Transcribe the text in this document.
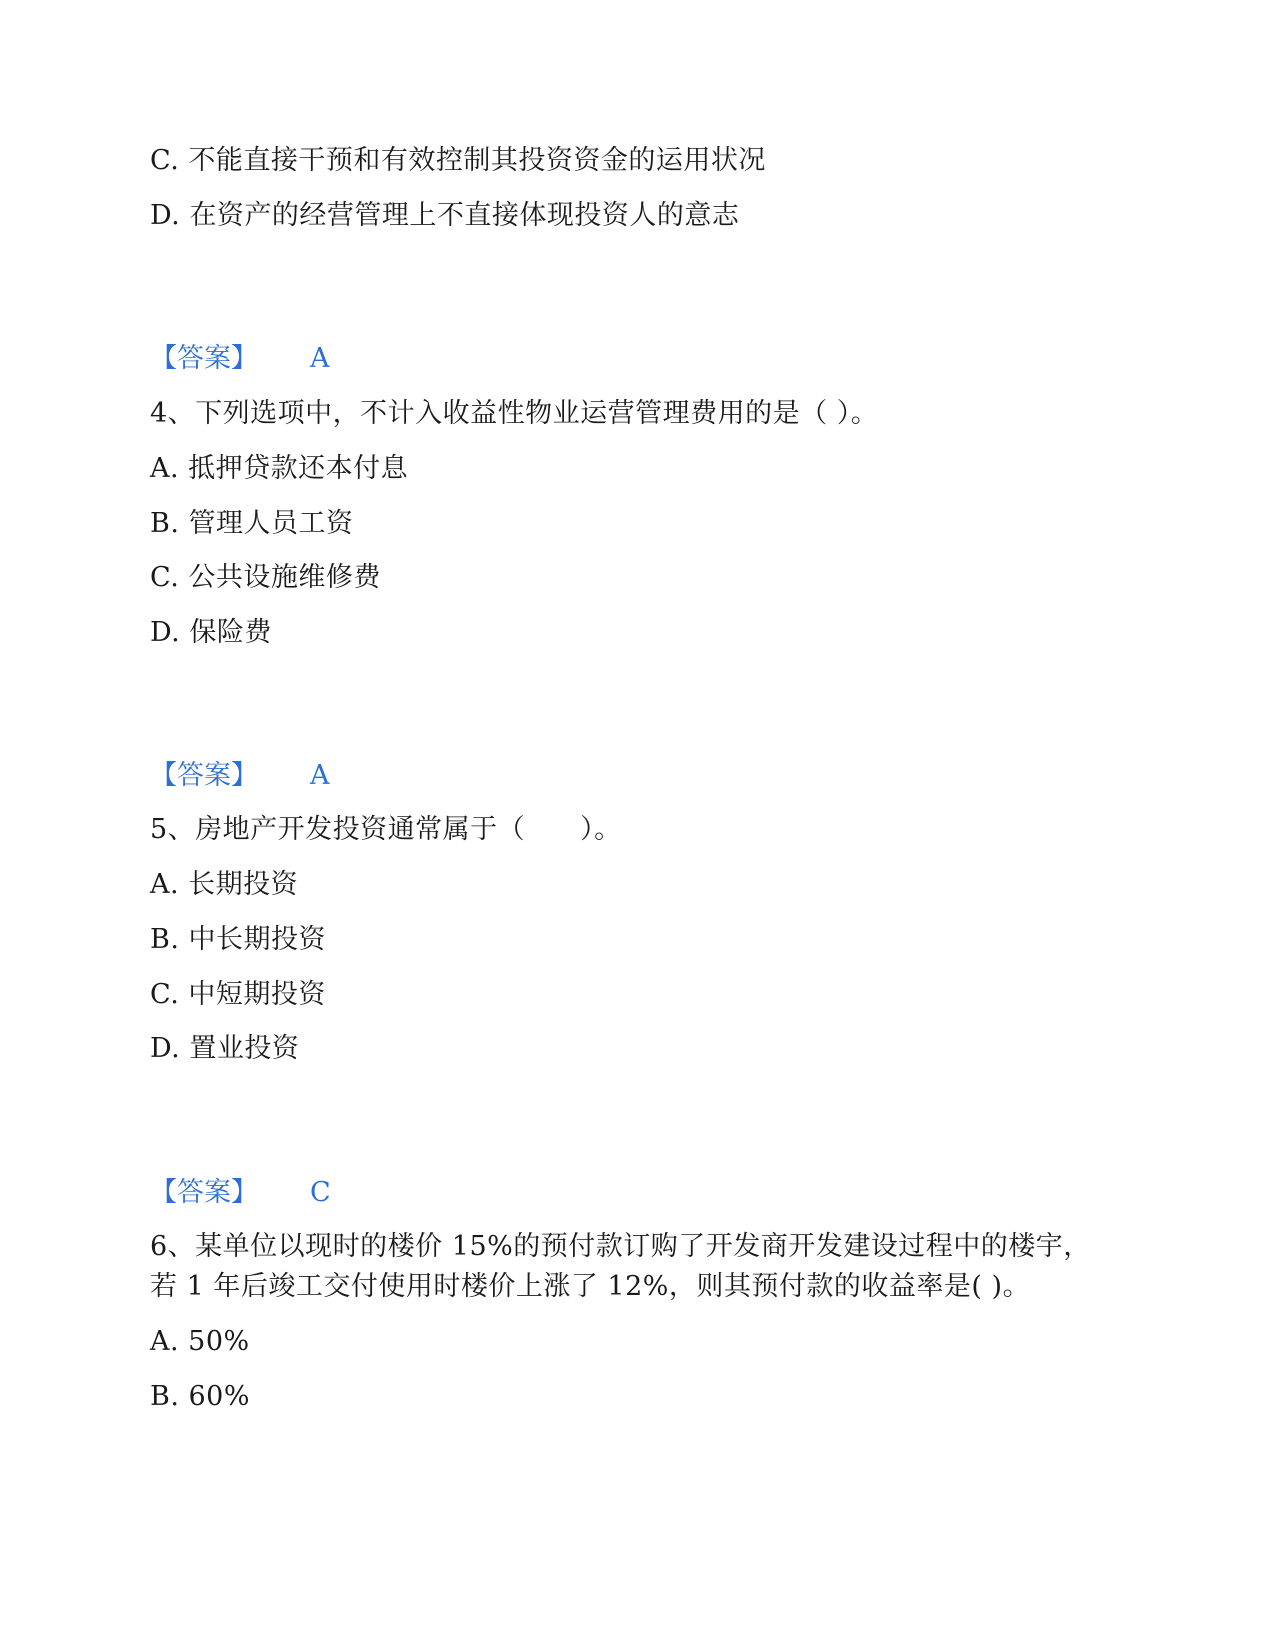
C. 不能直接干预和有效控制其投资资金的运用状况
D. 在资产的经营管理上不直接体现投资人的意志
【答案】 A
4、下列选项中，不计入收益性物业运营管理费用的是（ ）。
A. 抵押贷款还本付息
B. 管理人员工资
C. 公共设施维修费
D. 保险费
【答案】 A
5、房地产开发投资通常属于（　　）。
A. 长期投资
B. 中长期投资
C. 中短期投资
D. 置业投资
【答案】 C
6、某单位以现时的楼价 15%的预付款订购了开发商开发建设过程中的楼宇，
若 1 年后竣工交付使用时楼价上涨了 12%，则其预付款的收益率是( )。
A. 50%
B. 60%
